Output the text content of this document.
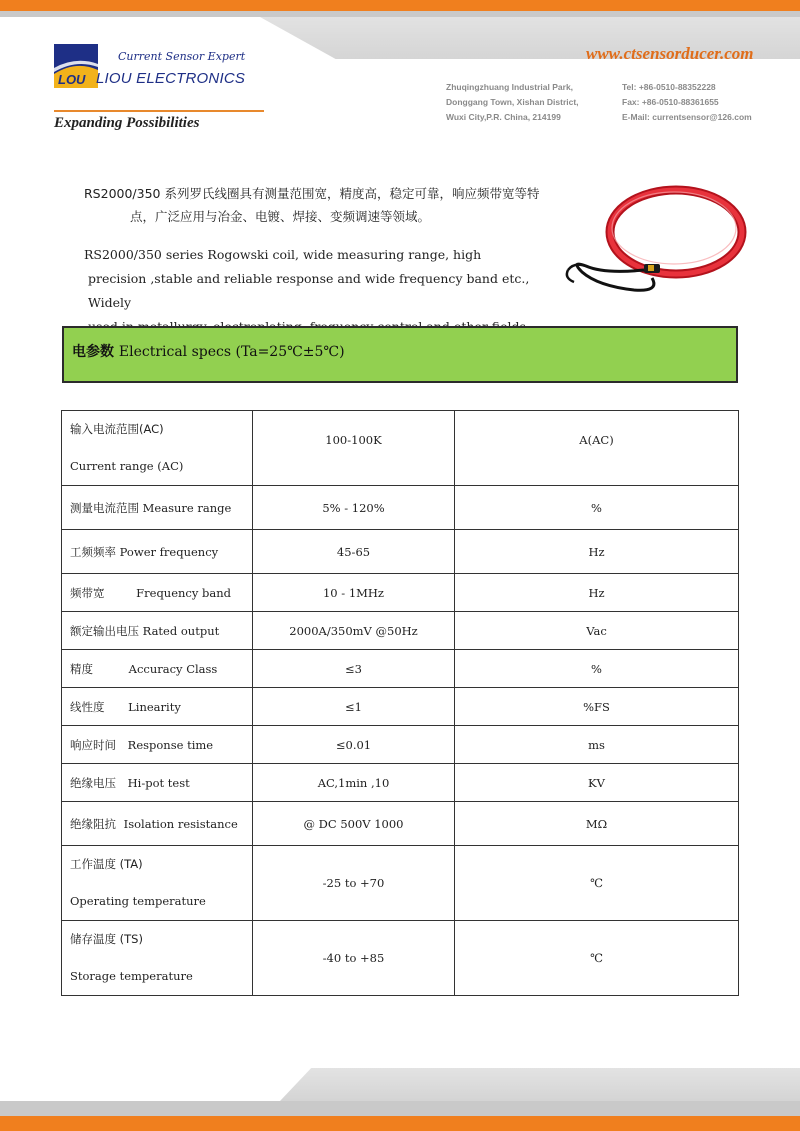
LOU
Current Sensor Expert
LIOU ELECTRONICS
Expanding Possibilities
www.ctsensorducer.com
Zhuqingzhuang Industrial Park,
Donggang Town, Xishan District,
Wuxi City,P.R. China, 214199
Tel: +86-0510-88352228
Fax: +86-0510-88361655
E-Mail: currentsensor@126.com
RS2000/350 系列罗氏线圈具有测量范围宽，精度高，稳定可靠，响应频带宽等特
点，广泛应用与冶金、电镀、焊接、变频调速等领域。
RS2000/350 series Rogowski coil, wide measuring range, high
precision ,stable and reliable response and wide frequency band etc., Widely
电参数 Electrical specs (Ta=25℃±5℃)
输入电流范围(AC)
Current range (AC)	100-100K	A(AC)
测量电流范围 Measure range	5% - 120%	%
工频频率 Power frequency	45-65	Hz
频带宽 Frequency band	10 - 1MHz	Hz
额定输出电压 Rated output	2000A/350mV @50Hz	Vac
精度 Accuracy Class	≤3	%
线性度 Linearity	≤1	%FS
响应时间 Response time	≤0.01	ms
绝缘电压 Hi-pot test	AC,1min ,10	KV
绝缘阻抗 Isolation resistance	@ DC 500V 1000	MΩ
工作温度 (TA)
Operating temperature	-25 to +70	℃
储存温度 (TS)
Storage temperature	-40 to +85	℃
